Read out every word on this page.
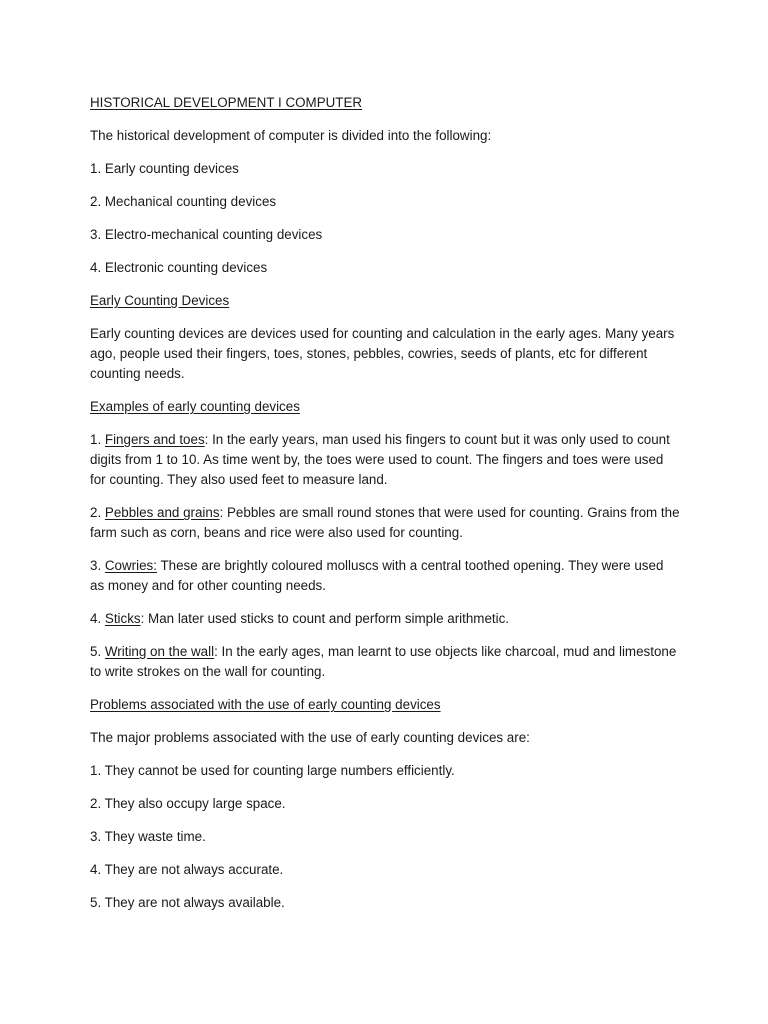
HISTORICAL DEVELOPMENT I COMPUTER

The historical development of computer is divided into the following:

1. Early counting devices

2. Mechanical counting devices

3. Electro-mechanical counting devices

4. Electronic counting devices

Early Counting Devices

Early counting devices are devices used for counting and calculation in the early ages. Many years ago, people used their fingers, toes, stones, pebbles, cowries, seeds of plants, etc for different counting needs.

Examples of early counting devices

1. Fingers and toes: In the early years, man used his fingers to count but it was only used to count digits from 1 to 10. As time went by, the toes were used to count. The fingers and toes were used for counting. They also used feet to measure land.

2. Pebbles and grains: Pebbles are small round stones that were used for counting. Grains from the farm such as corn, beans and rice were also used for counting.

3. Cowries: These are brightly coloured molluscs with a central toothed opening. They were used as money and for other counting needs.

4. Sticks: Man later used sticks to count and perform simple arithmetic.

5. Writing on the wall: In the early ages, man learnt to use objects like charcoal, mud and limestone to write strokes on the wall for counting.

Problems associated with the use of early counting devices

The major problems associated with the use of early counting devices are:

1. They cannot be used for counting large numbers efficiently.

2. They also occupy large space.

3. They waste time.

4. They are not always accurate.

5. They are not always available.
